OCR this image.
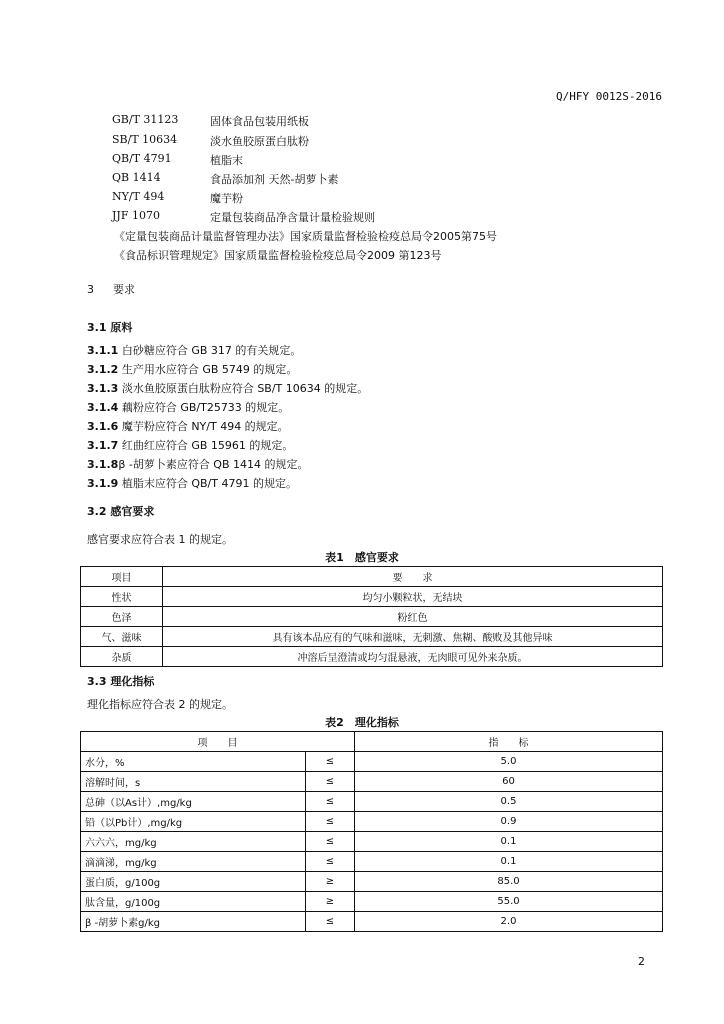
Q/HFY 0012S-2016
GB/T 31123	固体食品包装用纸板
SB/T 10634	淡水鱼胶原蛋白肽粉
QB/T 4791	植脂末
QB 1414	食品添加剂 天然-胡萝卜素
NY/T 494	魔芋粉
JJF 1070	定量包装商品净含量计量检验规则
《定量包装商品计量监督管理办法》国家质量监督检验检疫总局令2005第75号
《食品标识管理规定》国家质量监督检验检疫总局令2009 第123号
3 要求
3.1 原料
3.1.1 白砂糖应符合 GB 317 的有关规定。
3.1.2 生产用水应符合 GB 5749 的规定。
3.1.3 淡水鱼胶原蛋白肽粉应符合 SB/T 10634 的规定。
3.1.4 藕粉应符合 GB/T25733 的规定。
3.1.6 魔芋粉应符合 NY/T 494 的规定。
3.1.7 红曲红应符合 GB 15961 的规定。
3.1.8β -胡萝卜素应符合 QB 1414 的规定。
3.1.9 植脂末应符合 QB/T 4791 的规定。
3.2 感官要求
感官要求应符合表 1 的规定。
表1　感官要求
项目	要　　求
性状	均匀小颗粒状，无结块
色泽	粉红色
气、滋味	具有该本品应有的气味和滋味，无刺激、焦糊、酸败及其他异味
杂质	冲溶后呈澄清或均匀混悬液，无肉眼可见外来杂质。
3.3 理化指标
理化指标应符合表 2 的规定。
表2　理化指标
项　　目		指　　标
水分，%	≤	5.0
溶解时间，s	≤	60
总砷（以As计）,mg/kg	≤	0.5
铅（以Pb计）,mg/kg	≤	0.9
六六六，mg/kg	≤	0.1
滴滴涕，mg/kg	≤	0.1
蛋白质，g/100g	≥	85.0
肽含量，g/100g	≥	55.0
β -胡萝卜素g/kg	≤	2.0
2
